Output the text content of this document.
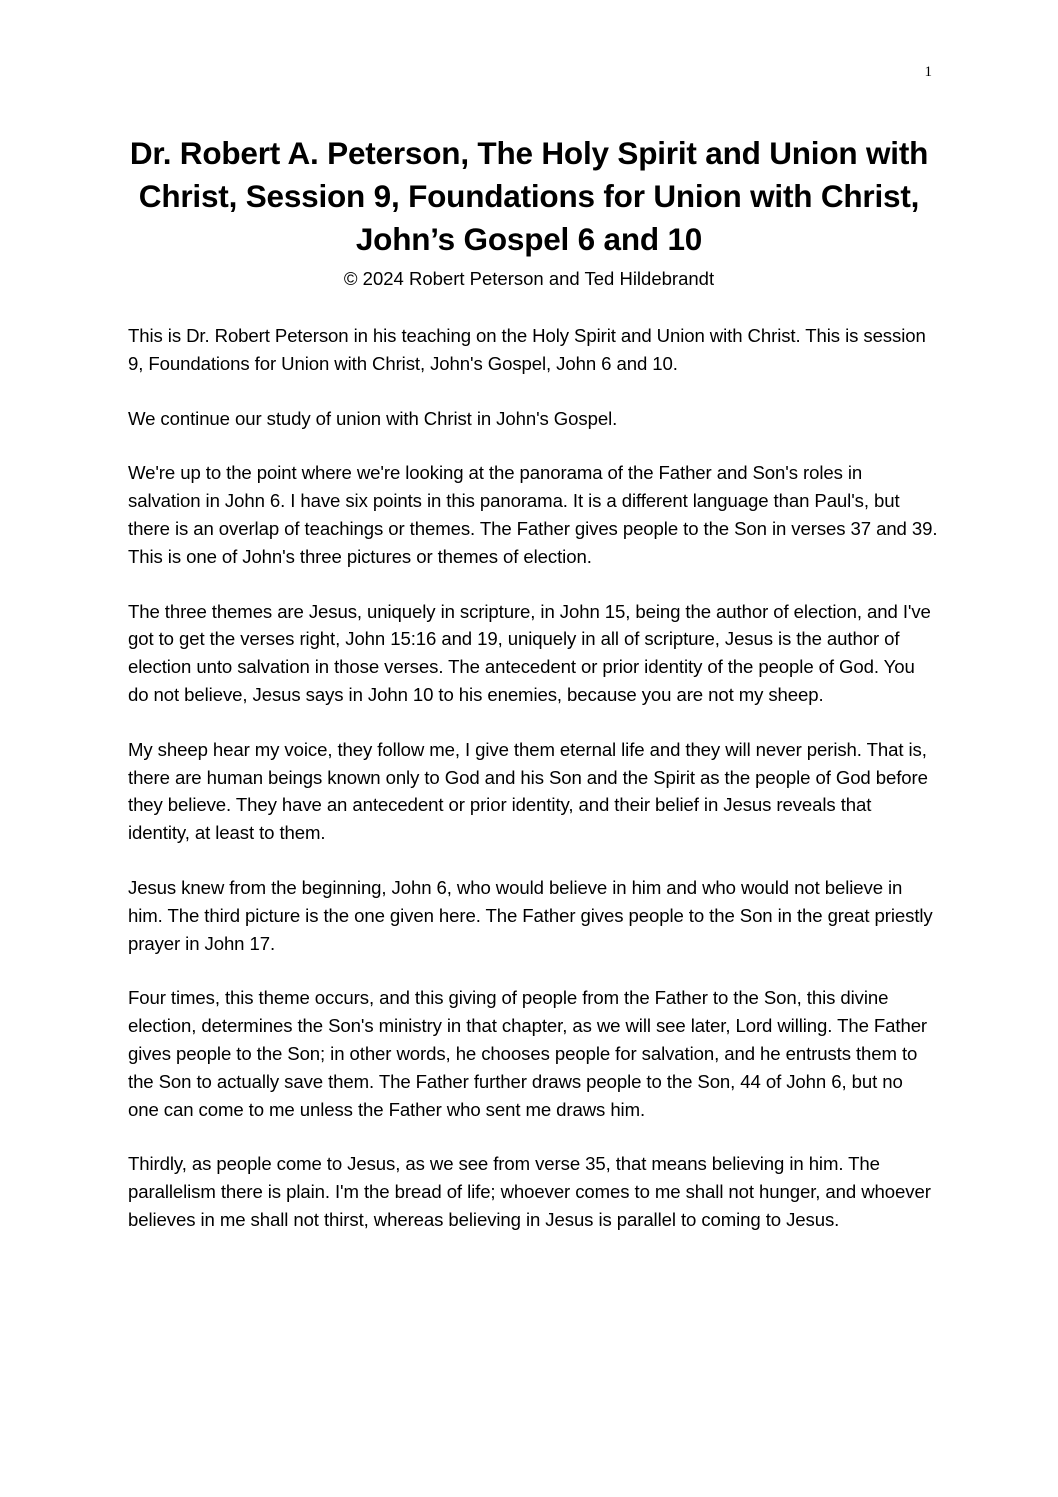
1
Dr. Robert A. Peterson, The Holy Spirit and Union with Christ, Session 9, Foundations for Union with Christ, John’s Gospel 6 and 10
© 2024 Robert Peterson and Ted Hildebrandt

This is Dr. Robert Peterson in his teaching on the Holy Spirit and Union with Christ. This is session 9, Foundations for Union with Christ, John's Gospel, John 6 and 10.

We continue our study of union with Christ in John's Gospel.

We're up to the point where we're looking at the panorama of the Father and Son's roles in salvation in John 6. I have six points in this panorama. It is a different language than Paul's, but there is an overlap of teachings or themes. The Father gives people to the Son in verses 37 and 39. This is one of John's three pictures or themes of election.

The three themes are Jesus, uniquely in scripture, in John 15, being the author of election, and I've got to get the verses right, John 15:16 and 19, uniquely in all of scripture, Jesus is the author of election unto salvation in those verses. The antecedent or prior identity of the people of God. You do not believe, Jesus says in John 10 to his enemies, because you are not my sheep.

My sheep hear my voice, they follow me, I give them eternal life and they will never perish. That is, there are human beings known only to God and his Son and the Spirit as the people of God before they believe. They have an antecedent or prior identity, and their belief in Jesus reveals that identity, at least to them.

Jesus knew from the beginning, John 6, who would believe in him and who would not believe in him. The third picture is the one given here. The Father gives people to the Son in the great priestly prayer in John 17.

Four times, this theme occurs, and this giving of people from the Father to the Son, this divine election, determines the Son's ministry in that chapter, as we will see later, Lord willing. The Father gives people to the Son; in other words, he chooses people for salvation, and he entrusts them to the Son to actually save them. The Father further draws people to the Son, 44 of John 6, but no one can come to me unless the Father who sent me draws him.

Thirdly, as people come to Jesus, as we see from verse 35, that means believing in him. The parallelism there is plain. I'm the bread of life; whoever comes to me shall not hunger, and whoever believes in me shall not thirst, whereas believing in Jesus is parallel to coming to Jesus.
